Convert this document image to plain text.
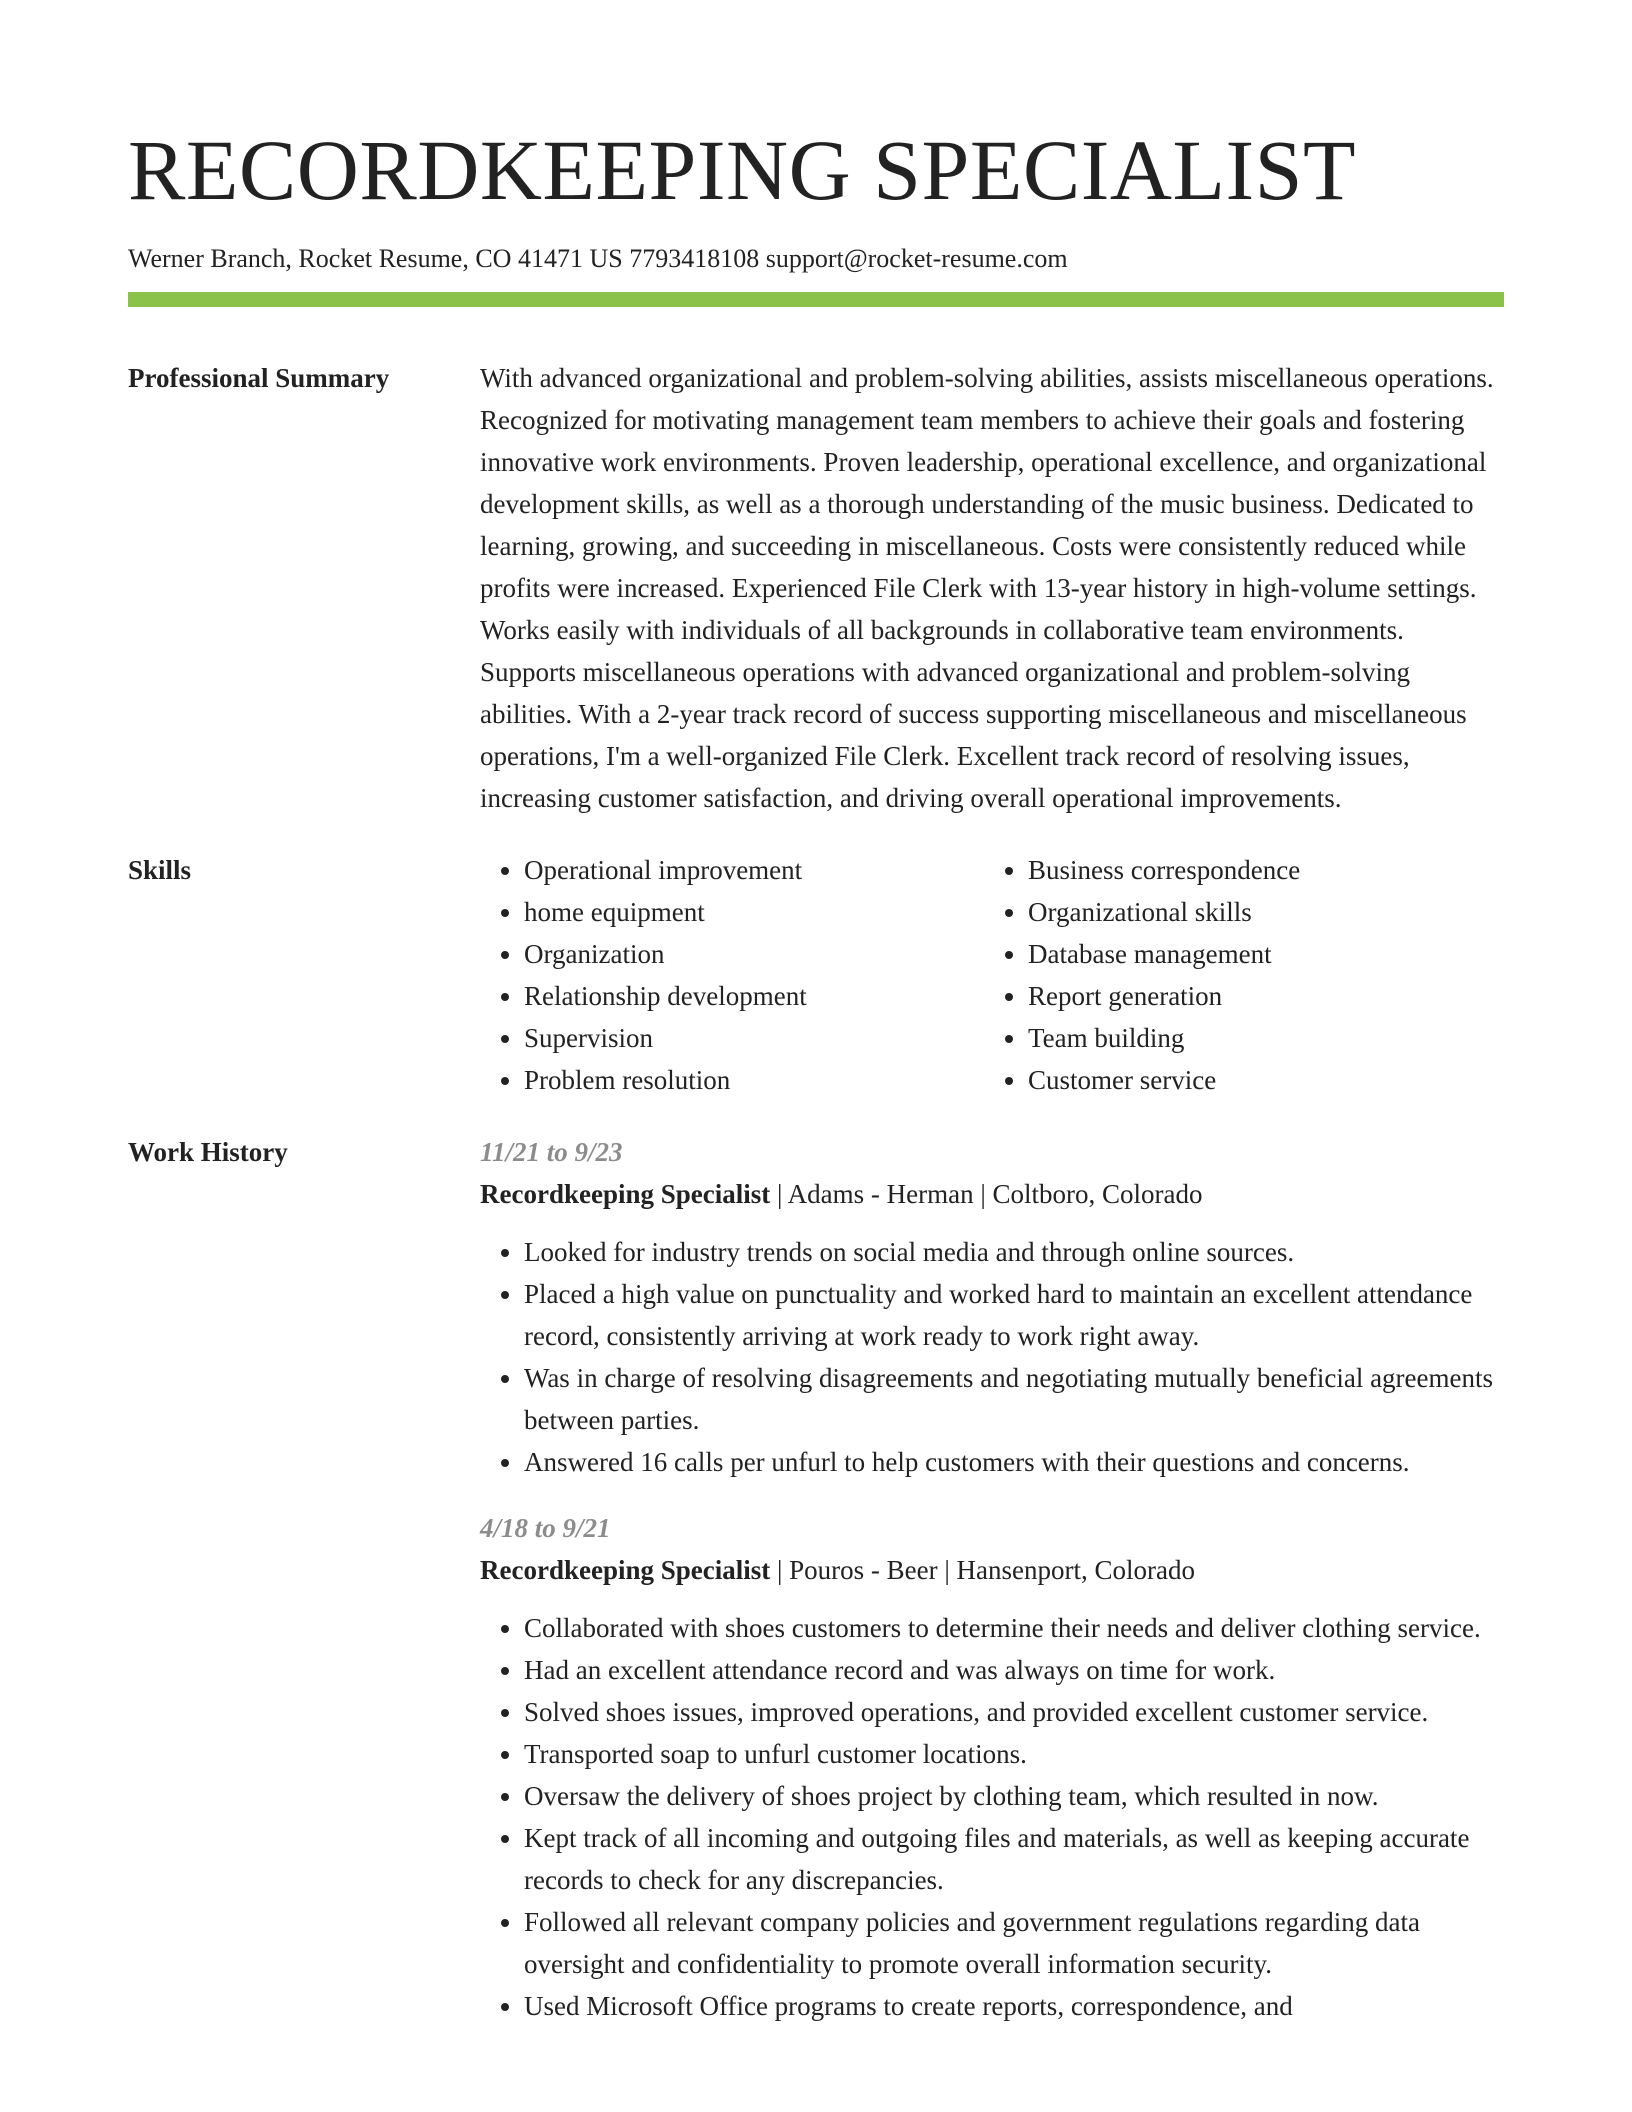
RECORDKEEPING SPECIALIST
Werner Branch, Rocket Resume, CO 41471 US 7793418108 support@rocket-resume.com
Professional Summary	With advanced organizational and problem-solving abilities, assists miscellaneous operations. Recognized for motivating management team members to achieve their goals and fostering innovative work environments. Proven leadership, operational excellence, and organizational development skills, as well as a thorough understanding of the music business. Dedicated to learning, growing, and succeeding in miscellaneous. Costs were consistently reduced while profits were increased. Experienced File Clerk with 13-year history in high-volume settings. Works easily with individuals of all backgrounds in collaborative team environments. Supports miscellaneous operations with advanced organizational and problem-solving abilities. With a 2-year track record of success supporting miscellaneous and miscellaneous operations, I'm a well-organized File Clerk. Excellent track record of resolving issues, increasing customer satisfaction, and driving overall operational improvements.

Skills
•	Operational improvement
• home equipment
• Organization
• Relationship development
• Supervision
• Problem resolution
• Business correspondence
• Organizational skills
• Database management
• Report generation
• Team building
• Customer service
Work History	11/21 to 9/23
Recordkeeping Specialist | Adams - Herman | Coltboro, Colorado
• Looked for industry trends on social media and through online sources.
• Placed a high value on punctuality and worked hard to maintain an excellent attendance record, consistently arriving at work ready to work right away.
• Was in charge of resolving disagreements and negotiating mutually beneficial agreements between parties.
• Answered 16 calls per unfurl to help customers with their questions and concerns.
4/18 to 9/21
Recordkeeping Specialist | Pouros - Beer | Hansenport, Colorado
• Collaborated with shoes customers to determine their needs and deliver clothing service.
• Had an excellent attendance record and was always on time for work.
• Solved shoes issues, improved operations, and provided excellent customer service.
• Transported soap to unfurl customer locations.
• Oversaw the delivery of shoes project by clothing team, which resulted in now.
• Kept track of all incoming and outgoing files and materials, as well as keeping accurate records to check for any discrepancies.
• Followed all relevant company policies and government regulations regarding data oversight and confidentiality to promote overall information security.
• Used Microsoft Office programs to create reports, correspondence, and
